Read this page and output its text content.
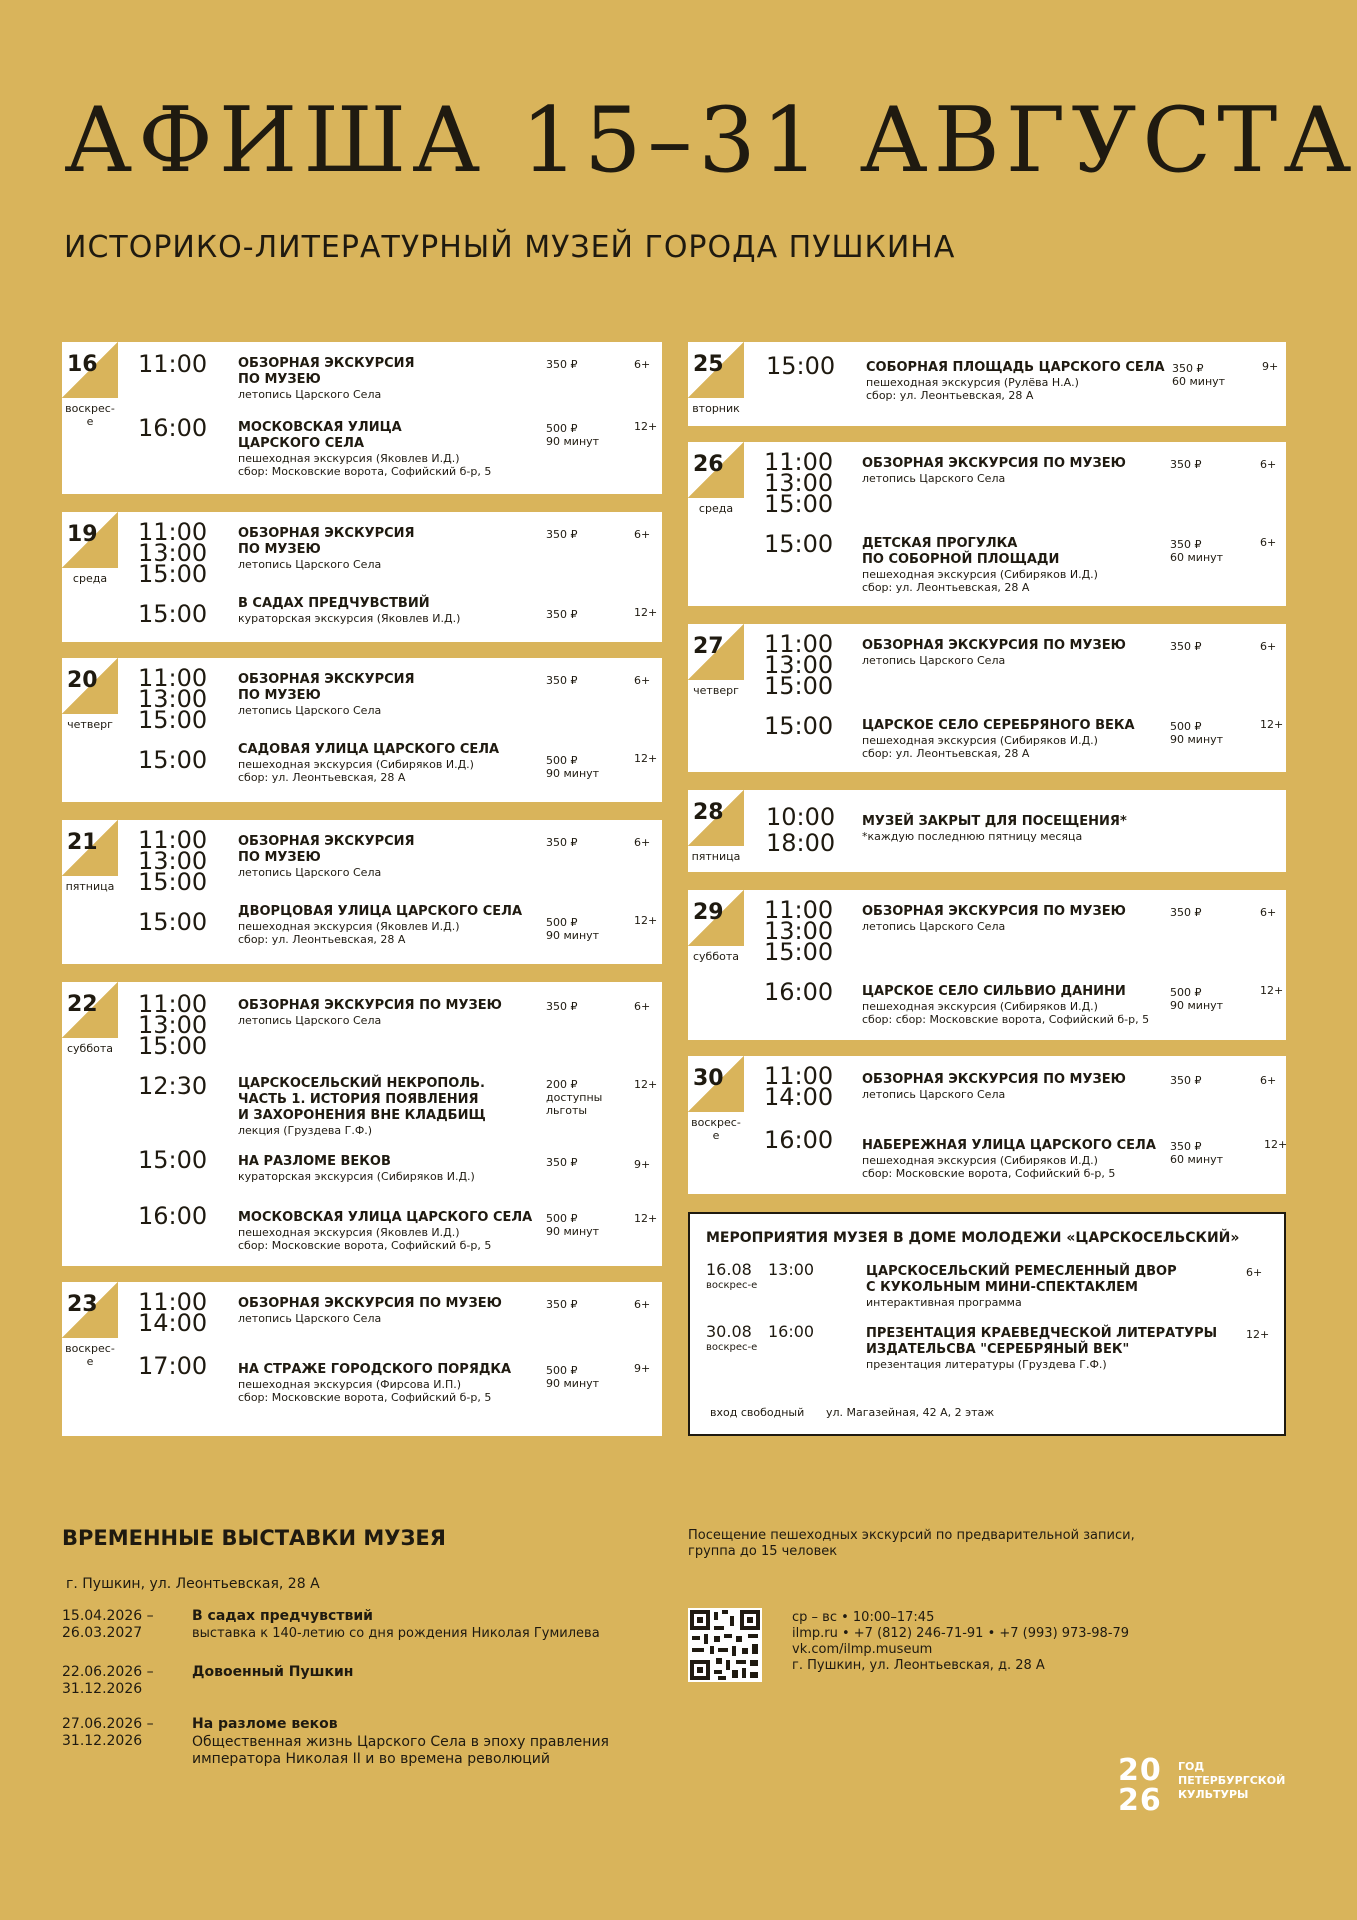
АФИША 15–31 АВГУСТА
ИСТОРИКО-ЛИТЕРАТУРНЫЙ МУЗЕЙ ГОРОДА ПУШКИНА
16
воскрес-е
11:00 ОБЗОРНАЯ ЭКСКУРСИЯ
ПО МУЗЕЮ
летопись Царского Села
350 ₽	6+
16:00 МОСКОВСКАЯ УЛИЦА
ЦАРСКОГО СЕЛА
пешеходная экскурсия (Яковлев И.Д.)
сбор: Московские ворота, Софийский б-р, 5
500 ₽
90 минут
12+
19
среда
11:00
13:00
15:00
ОБЗОРНАЯ ЭКСКУРСИЯ
ПО МУЗЕЮ
летопись Царского Села
350 ₽	6+
15:00 В САДАХ ПРЕДЧУВСТВИЙ
кураторская экскурсия (Яковлев И.Д.)	350 ₽	12+
20
четверг
11:00
13:00
15:00
ОБЗОРНАЯ ЭКСКУРСИЯ
ПО МУЗЕЮ
летопись Царского Села
350 ₽	6+
15:00 САДОВАЯ УЛИЦА ЦАРСКОГО СЕЛА
пешеходная экскурсия (Сибиряков И.Д.)
сбор: ул. Леонтьевская, 28 А
500 ₽
90 минут
12+
21
пятница
11:00
13:00
15:00
ОБЗОРНАЯ ЭКСКУРСИЯ
ПО МУЗЕЮ
летопись Царского Села
350 ₽	6+
15:00 ДВОРЦОВАЯ УЛИЦА ЦАРСКОГО СЕЛА
пешеходная экскурсия (Яковлев И.Д.)
сбор: ул. Леонтьевская, 28 А
500 ₽
90 минут
12+
22
суббота
11:00
13:00
15:00
ОБЗОРНАЯ ЭКСКУРСИЯ ПО МУЗЕЮ
летопись Царского Села
350 ₽	6+
12:30 ЦАРСКОСЕЛЬСКИЙ НЕКРОПОЛЬ.
ЧАСТЬ 1. ИСТОРИЯ ПОЯВЛЕНИЯ
И ЗАХОРОНЕНИЯ ВНЕ КЛАДБИЩ
лекция (Груздева Г.Ф.)
200 ₽
доступны
льготы
12+
15:00 НА РАЗЛОМЕ ВЕКОВ
кураторская экскурсия (Сибиряков И.Д.)
350 ₽	9+
16:00 МОСКОВСКАЯ УЛИЦА ЦАРСКОГО СЕЛА
пешеходная экскурсия (Яковлев И.Д.)
сбор: Московские ворота, Софийский б-р, 5
500 ₽
90 минут
12+
23
воскрес-е
11:00
14:00
ОБЗОРНАЯ ЭКСКУРСИЯ ПО МУЗЕЮ
летопись Царского Села
350 ₽	6+
17:00 НА СТРАЖЕ ГОРОДСКОГО ПОРЯДКА
пешеходная экскурсия (Фирсова И.П.)
сбор: Московские ворота, Софийский б-р, 5
500 ₽
90 минут
9+
25
вторник
15:00 СОБОРНАЯ ПЛОЩАДЬ ЦАРСКОГО СЕЛА
пешеходная экскурсия (Рулёва Н.А.)
сбор: ул. Леонтьевская, 28 А
350 ₽
60 минут
9+
26
среда
11:00
13:00
15:00
ОБЗОРНАЯ ЭКСКУРСИЯ ПО МУЗЕЮ
летопись Царского Села
350 ₽	6+
15:00 ДЕТСКАЯ ПРОГУЛКА
ПО СОБОРНОЙ ПЛОЩАДИ
пешеходная экскурсия (Сибиряков И.Д.)
сбор: ул. Леонтьевская, 28 А
350 ₽
60 минут
6+
27
четверг
11:00
13:00
15:00
ОБЗОРНАЯ ЭКСКУРСИЯ ПО МУЗЕЮ
летопись Царского Села
350 ₽	6+
15:00 ЦАРСКОЕ СЕЛО СЕРЕБРЯНОГО ВЕКА
пешеходная экскурсия (Сибиряков И.Д.)
сбор: ул. Леонтьевская, 28 А
500 ₽
90 минут
12+
28
пятница
10:00
18:00
МУЗЕЙ ЗАКРЫТ ДЛЯ ПОСЕЩЕНИЯ*
*каждую последнюю пятницу месяца
29
суббота
11:00
13:00
15:00
ОБЗОРНАЯ ЭКСКУРСИЯ ПО МУЗЕЮ
летопись Царского Села
350 ₽	6+
16:00 ЦАРСКОЕ СЕЛО СИЛЬВИО ДАНИНИ
пешеходная экскурсия (Сибиряков И.Д.)
сбор: сбор: Московские ворота, Софийский б-р, 5
500 ₽
90 минут
12+
30
воскрес-е
11:00
14:00
ОБЗОРНАЯ ЭКСКУРСИЯ ПО МУЗЕЮ
летопись Царского Села
350 ₽	6+
16:00 НАБЕРЕЖНАЯ УЛИЦА ЦАРСКОГО СЕЛА
пешеходная экскурсия (Сибиряков И.Д.)
сбор: Московские ворота, Софийский б-р, 5
350 ₽
60 минут
12+
МЕРОПРИЯТИЯ МУЗЕЯ В ДОМЕ МОЛОДЕЖИ «ЦАРСКОСЕЛЬСКИЙ»
16.08
воскрес-е
13:00	ЦАРСКОСЕЛЬСКИЙ РЕМЕСЛЕННЫЙ ДВОР
С КУКОЛЬНЫМ МИНИ-СПЕКТАКЛЕМ
интерактивная программа
6+
30.08
воскрес-е
16:00	ПРЕЗЕНТАЦИЯ КРАЕВЕДЧЕСКОЙ ЛИТЕРАТУРЫ
ИЗДАТЕЛЬСВА "СЕРЕБРЯНЫЙ ВЕК"
презентация литературы (Груздева Г.Ф.)
12+
вход свободный ул. Магазейная, 42 А, 2 этаж
ВРЕМЕННЫЕ ВЫСТАВКИ МУЗЕЯ
г. Пушкин, ул. Леонтьевская, 28 А
15.04.2026 –
26.03.2027
В садах предчувствий
выставка к 140-летию со дня рождения Николая Гумилева
22.06.2026 –
31.12.2026
Довоенный Пушкин
27.06.2026 –
31.12.2026
На разломе веков
Общественная жизнь Царского Села в эпоху правления
императора Николая II и во времена революций
Посещение пешеходных экскурсий по предварительной записи,
группа до 15 человек
ср – вс • 10:00–17:45
ilmp.ru • +7 (812) 246-71-91 • +7 (993) 973-98-79
vk.com/ilmp.museum
г. Пушкин, ул. Леонтьевская, д. 28 А
20
26
ГОД
ПЕТЕРБУРГСКОЙ
КУЛЬТУРЫ
